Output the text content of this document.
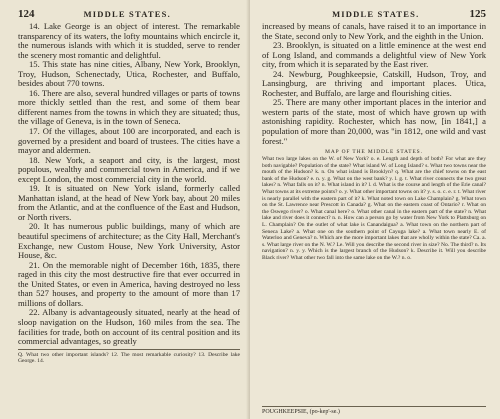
124	MIDDLE STATES.

14. Lake George is an object of interest. The remarkable transparency of its waters, the lofty mountains which encircle it, the numerous islands with which it is studded, serve to render the scenery most romantic and delightful.

15. This state has nine cities, Albany, New York, Brooklyn, Troy, Hudson, Schenectady, Utica, Rochester, and Buffalo, besides about 770 towns.

16. There are also, several hundred villages or parts of towns more thickly settled than the rest, and some of them bear different names from the towns in which they are situated; thus, the village of Geneva, is in the town of Seneca.

17. Of the villages, about 100 are incorporated, and each is governed by a president and board of trustees. The cities have a mayor and aldermen.

18. New York, a seaport and city, is the largest, most populous, wealthy and commercial town in America, and if we except London, the most commercial city in the world.

19. It is situated on New York island, formerly called Manhattan island, at the head of New York bay, about 20 miles from the Atlantic, and at the confluence of the East and Hudson, or North rivers.

20. It has numerous public buildings, many of which are beautiful specimens of architecture; as the City Hall, Merchant's Exchange, new Custom House, New York University, Astor House, &c.

21. On the memorable night of December 16th, 1835, there raged in this city the most destructive fire that ever occurred in the United States, or even in America, having destroyed no less than 527 houses, and property to the amount of more than 17 millions of dollars.

22. Albany is advantageously situated, nearly at the head of sloop navigation on the Hudson, 160 miles from the sea. The facilities for trade, both on account of its central position and its commercial advantages, so greatly

Q. What two other important islands? 12. The most remarkable curiosity? 13. Describe lake George. 14.
MIDDLE STATES.	125

increased by means of canals, have raised it to an importance in the State, second only to New York, and the eighth in the Union.

23. Brooklyn, is situated on a little eminence at the west end of Long Island, and commands a delightful view of New York city, from which it is separated by the East river.

24. Newburg, Poughkeepsie, Catskill, Hudson, Troy, and Lansingburg, are thriving and important places. Utica, Rochester, and Buffalo, are large and flourishing cities.

25. There are many other important places in the interior and western parts of the state, most of which have grown up with astonishing rapidity. Rochester, which has now, [in 1841,] a population of more than 20,000, was "in 1812, one wild and vast forest."

MAP OF THE MIDDLE STATES.

What two large lakes on the W. of New York? o. e. Length and depth of both? For what are they both navigable? Population of the state? What island W. of Long Island? s. What two towns near the mouth of the Hudson? k. n. On what island is Brooklyn? q. What are the chief towns on the east bank of the Hudson? e. n. y. g. What on the west bank? y. l. g. t. What river connects the two great lakes? n. What falls on it? n. What island in it? l. d. What is the course and length of the Erie canal? What towns at its extreme points? o. y. What other important towns on it? y. s. o. c. e. r. t. What river is nearly parallel with the eastern part of it? k. What noted town on Lake Champlain? g. What town on the St. Lawrence near Prescott in Canada? g. What on the eastern coast of Ontario? r. What on the Oswego river? o. What canal here? o. What other canal in the eastern part of the state? n. What lake and river does it connect? n. n. How can a person go by water from New York to Plattsburg on L. Champlain? On the outlet of what lake is Canandaigua? a. What town on the northern part of Seneca Lake? a. What one on the southern point of Cayuga lake? a. What town nearly E. of Waterloo and Geneva? n. Which are the more important lakes that are wholly within the state? Ca. a. s. What large river on the N. W.? Le. Will you describe the second river in size? No. The third? n. Its navigation? n. y. y. Which is the largest branch of the Hudson? k. Describe it. Will you describe Black river? What other two fall into the same lake on the W.? n. o.

POUGHKEEPSIE, (po-kep'-se.)
